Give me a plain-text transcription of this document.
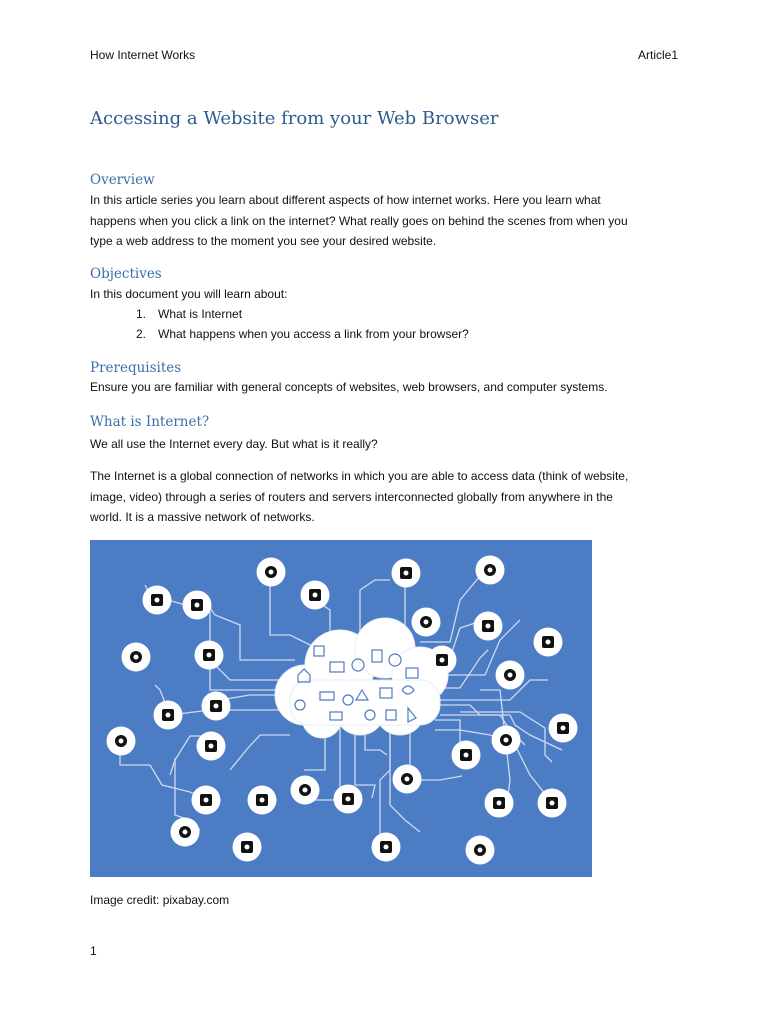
How Internet Works	Article1
Accessing a Website from your Web Browser
Overview
In this article series you learn about different aspects of how internet works. Here you learn what
happens when you click a link on the internet? What really goes on behind the scenes from when you
type a web address to the moment you see your desired website.
Objectives
In this document you will learn about:
1. What is Internet
2. What happens when you access a link from your browser?
Prerequisites
Ensure you are familiar with general concepts of websites, web browsers, and computer systems.
What is Internet?
We all use the Internet every day. But what is it really?
The Internet is a global connection of networks in which you are able to access data (think of website,
image, video) through a series of routers and servers interconnected globally from anywhere in the
world. It is a massive network of networks.
Image credit: pixabay.com
1
